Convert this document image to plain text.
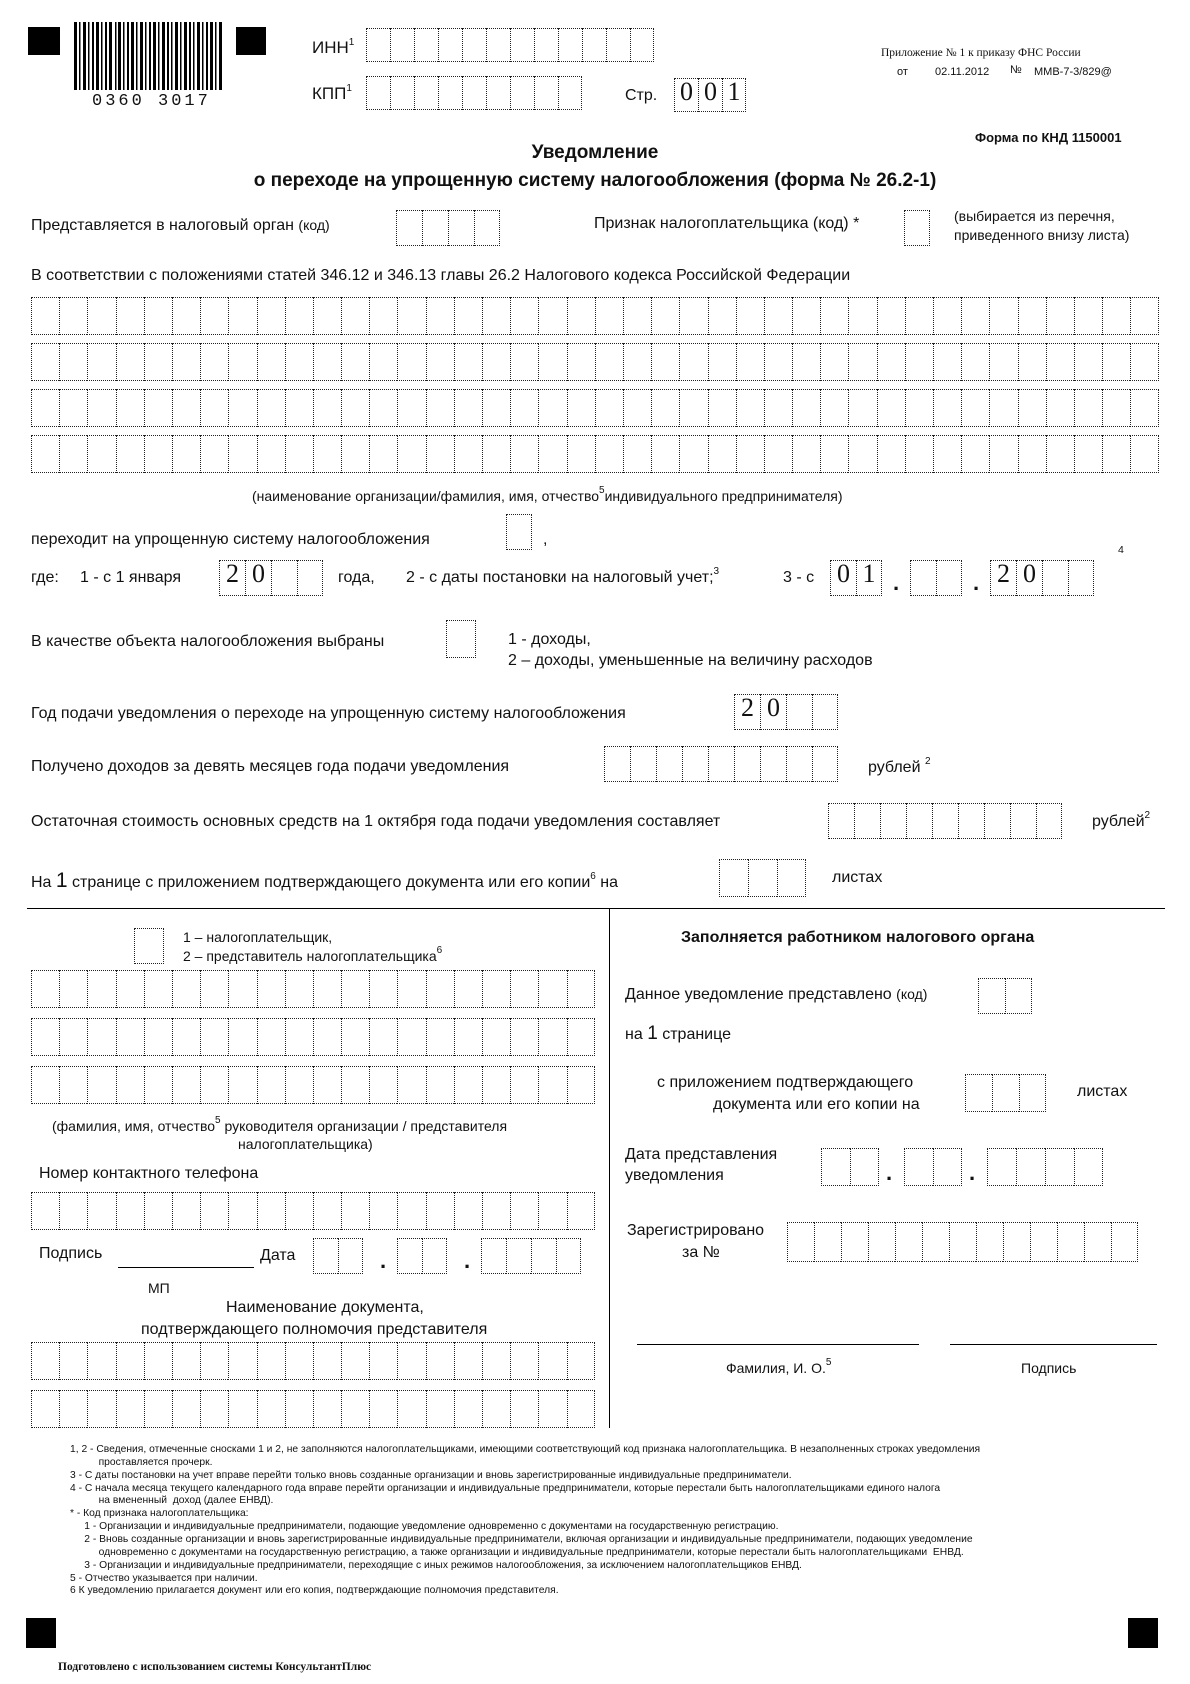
0360 3017
ИНН$^1$
КПП$^1$	Стр. 0 0 1
Приложение № 1 к приказу ФНС России
от 02.11.2012 № ММВ-7-3/829@
Форма по КНД 1150001
Уведомление
о переходе на упрощенную систему налогообложения (форма № 26.2-1)
Представляется в налоговый орган (код)	Признак налогоплательщика (код) *	(выбирается из перечня,
приведенного внизу листа)
В соответствии с положениями статей 346.12 и 346.13 главы 26.2 Налогового кодекса Российской Федерации
(наименование организации/фамилия, имя, отчество$^5$индивидуального предпринимателя)
переходит на упрощенную систему налогообложения	,
где: 1 - с 1 января 2 0	года, 2 - с даты постановки на налоговый учет;$^3$	3 - с 0 1 .	. 2 0
4
В качестве объекта налогообложения выбраны	1 - доходы,
2 – доходы, уменьшенные на величину расходов
Год подачи уведомления о переходе на упрощенную систему налогообложения	2 0
Получено доходов за девять месяцев года подачи уведомления	рублей $^2$
Остаточная стоимость основных средств на 1 октября года подачи уведомления составляет	рублей$^2$
На 1 странице с приложением подтверждающего документа или его копии$^6$ на	листах
1 – налогоплательщик,
2 – представитель налогоплательщика$^6$
(фамилия, имя, отчество$^5$ руководителя организации / представителя
налогоплательщика)
Номер контактного телефона
Подпись	Дата	.	.
МП
Наименование документа,
подтверждающего полномочия представителя
Заполняется работником налогового органа
Данное уведомление представлено (код)
на 1 странице
с приложением подтверждающего
документа или его копии на
листах
Дата представления
уведомления	.	.
Зарегистрировано
за №
Фамилия, И. О.$^5$	Подпись
1, 2 - Сведения, отмеченные сносками 1 и 2, не заполняются налогоплательщиками, имеющими соответствующий код признака налогоплательщика. В незаполненных строках уведомления
проставляется прочерк.
3 - С даты постановки на учет вправе перейти только вновь созданные организации и вновь зарегистрированные индивидуальные предприниматели.
4 - С начала месяца текущего календарного года вправе перейти организации и индивидуальные предприниматели, которые перестали быть налогоплательщиками единого налога
на вмененный  доход (далее ЕНВД).
* - Код признака налогоплательщика:
1 - Организации и индивидуальные предприниматели, подающие уведомление одновременно с документами на государственную регистрацию.
2 - Вновь созданные организации и вновь зарегистрированные индивидуальные предприниматели, включая организации и индивидуальные предприниматели, подающих уведомление
одновременно с документами на государственную регистрацию, а также организации и индивидуальные предприниматели, которые перестали быть налогоплательщиками  ЕНВД.
3 - Организации и индивидуальные предприниматели, переходящие с иных режимов налогообложения, за исключением налогоплательщиков ЕНВД.
5 - Отчество указывается при наличии.
6 К уведомлению прилагается документ или его копия, подтверждающие полномочия представителя.
Подготовлено с использованием системы КонсультантПлюс
